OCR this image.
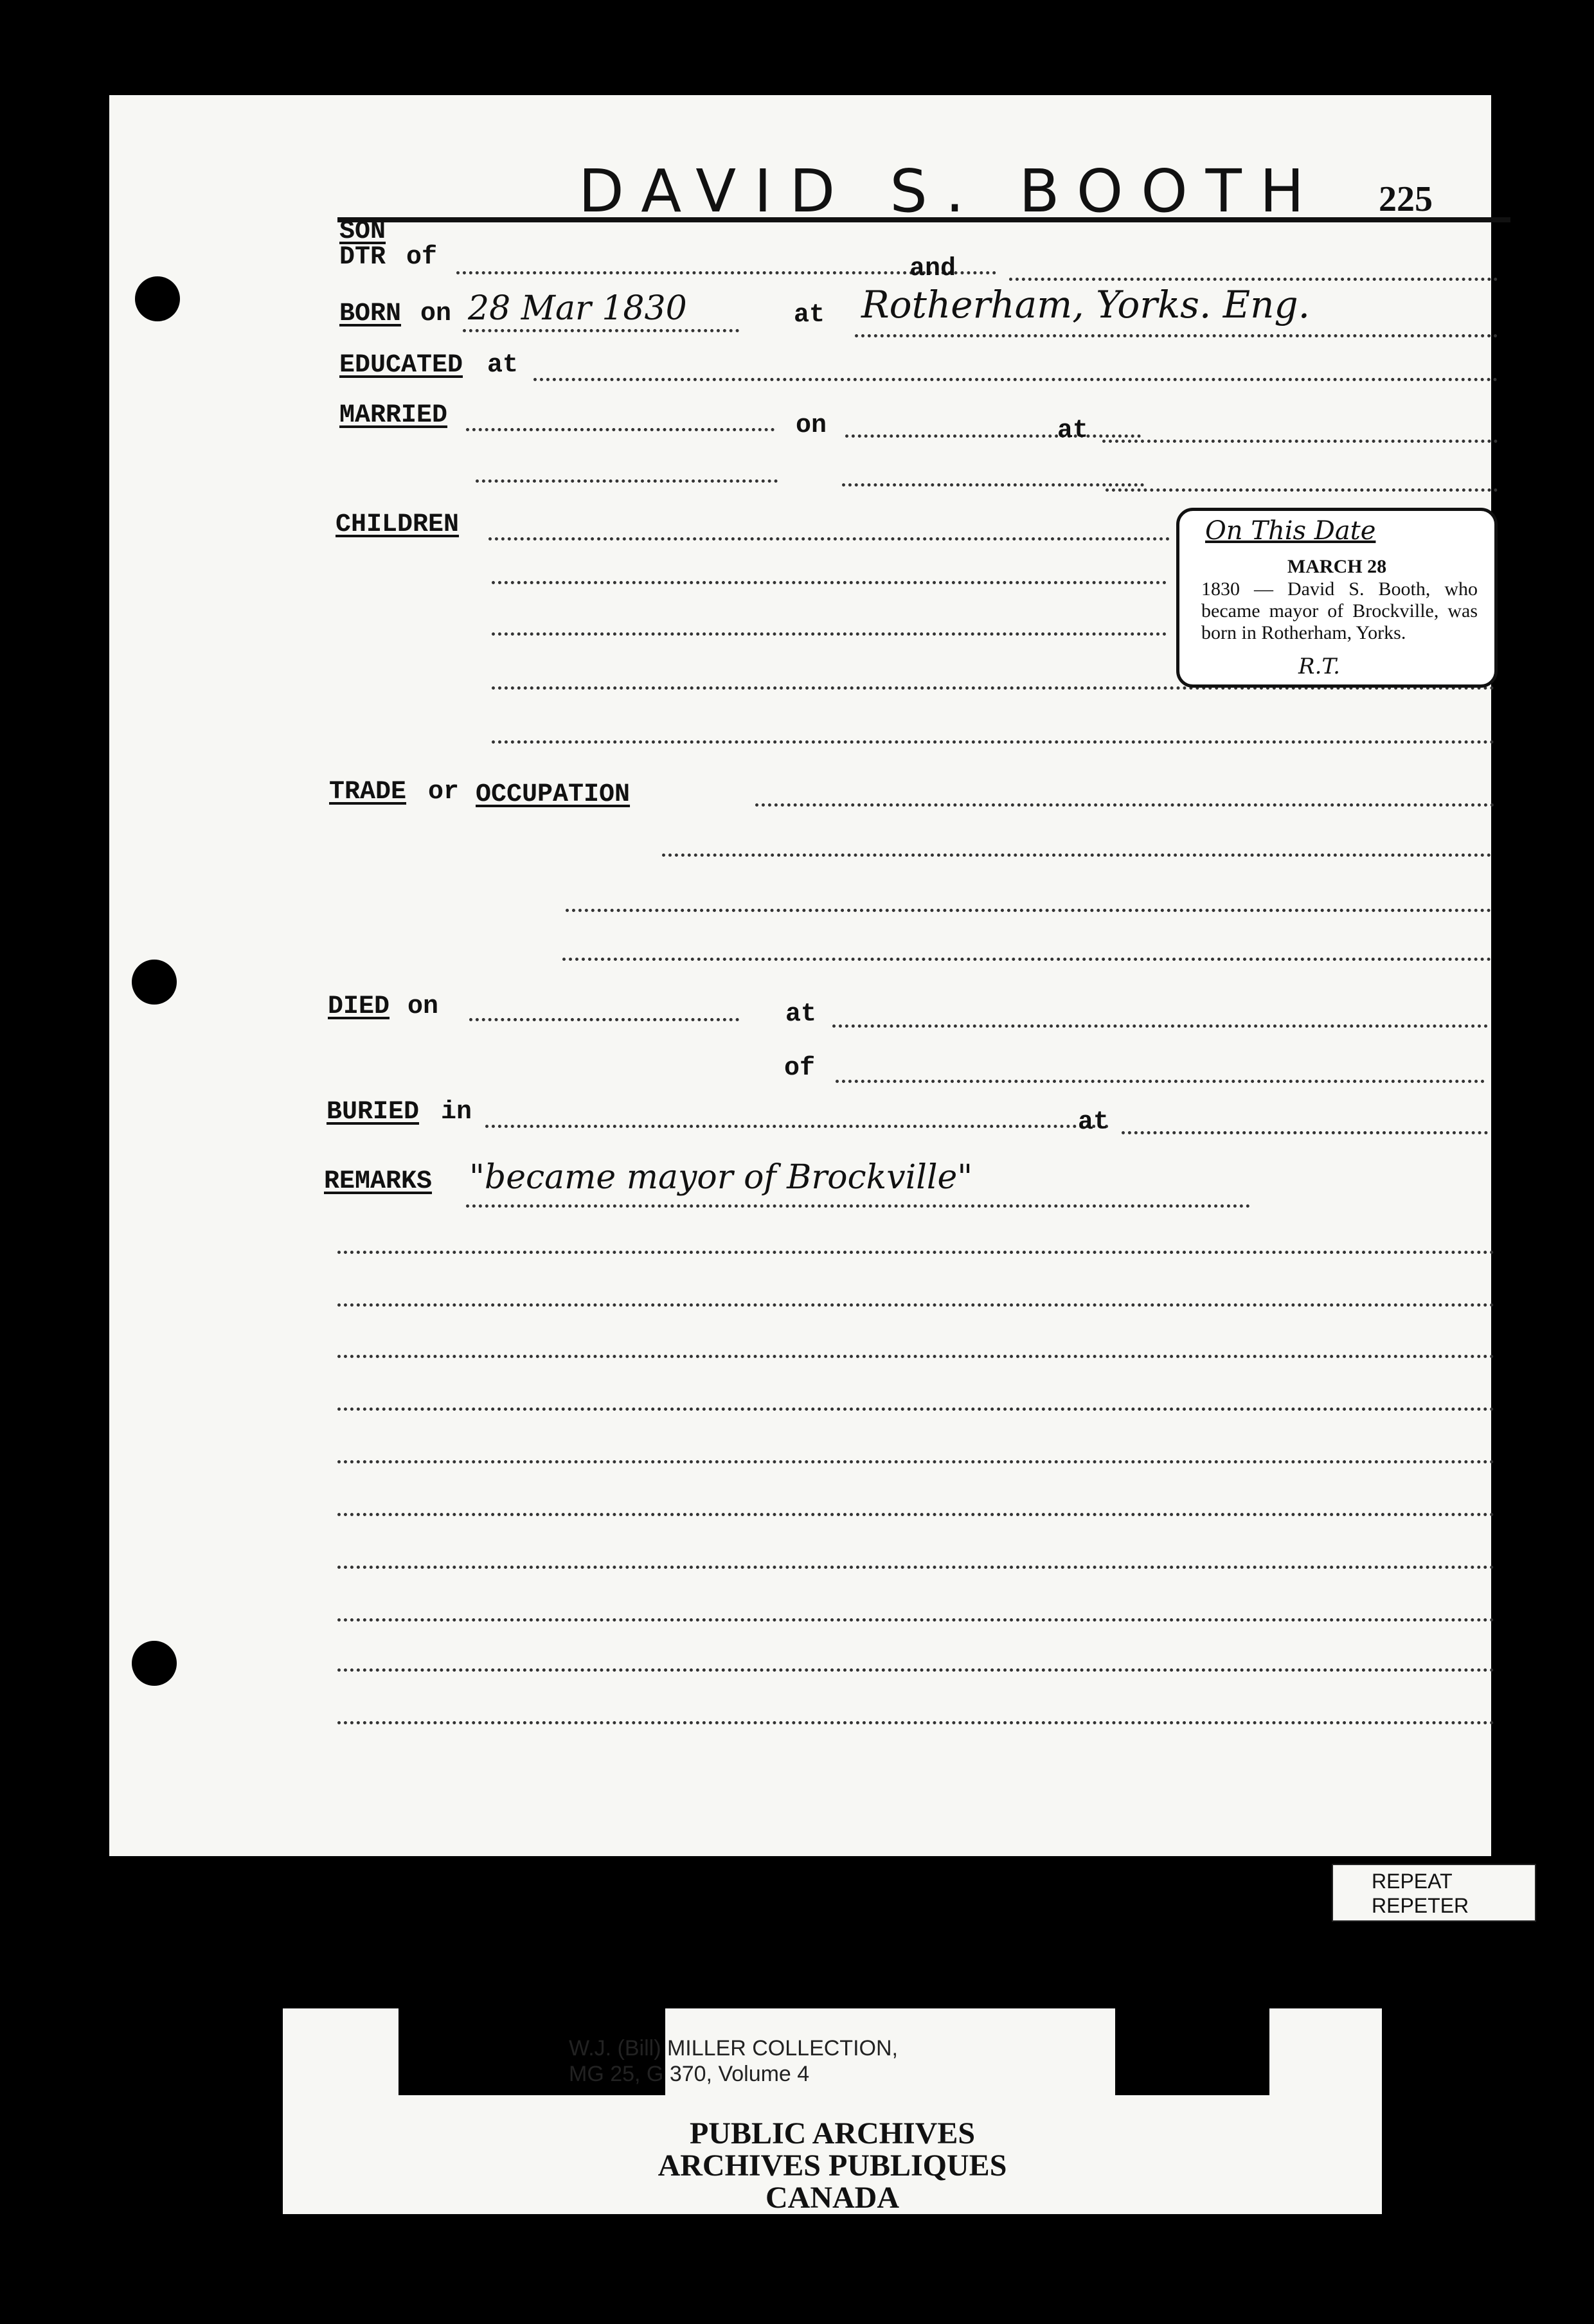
DAVID S. BOOTH 225
SON
DTR of	and
BORN on 28 Mar 1830	at Rotherham, Yorks. Eng.
EDUCATED at
MARRIED	on	at
CHILDREN
TRADE or OCCUPATION
DIED on	at
of
BURIED in	at
REMARKS "became mayor of Brockville"
On This Date
MARCH 28
1830 — David S. Booth, who became mayor of Brockville, was born in Rotherham, Yorks.
R.T.
REPEAT
REPETER
W.J. (Bill) MILLER COLLECTION,
MG 25, G 370, Volume 4
PUBLIC ARCHIVES
ARCHIVES PUBLIQUES
CANADA
